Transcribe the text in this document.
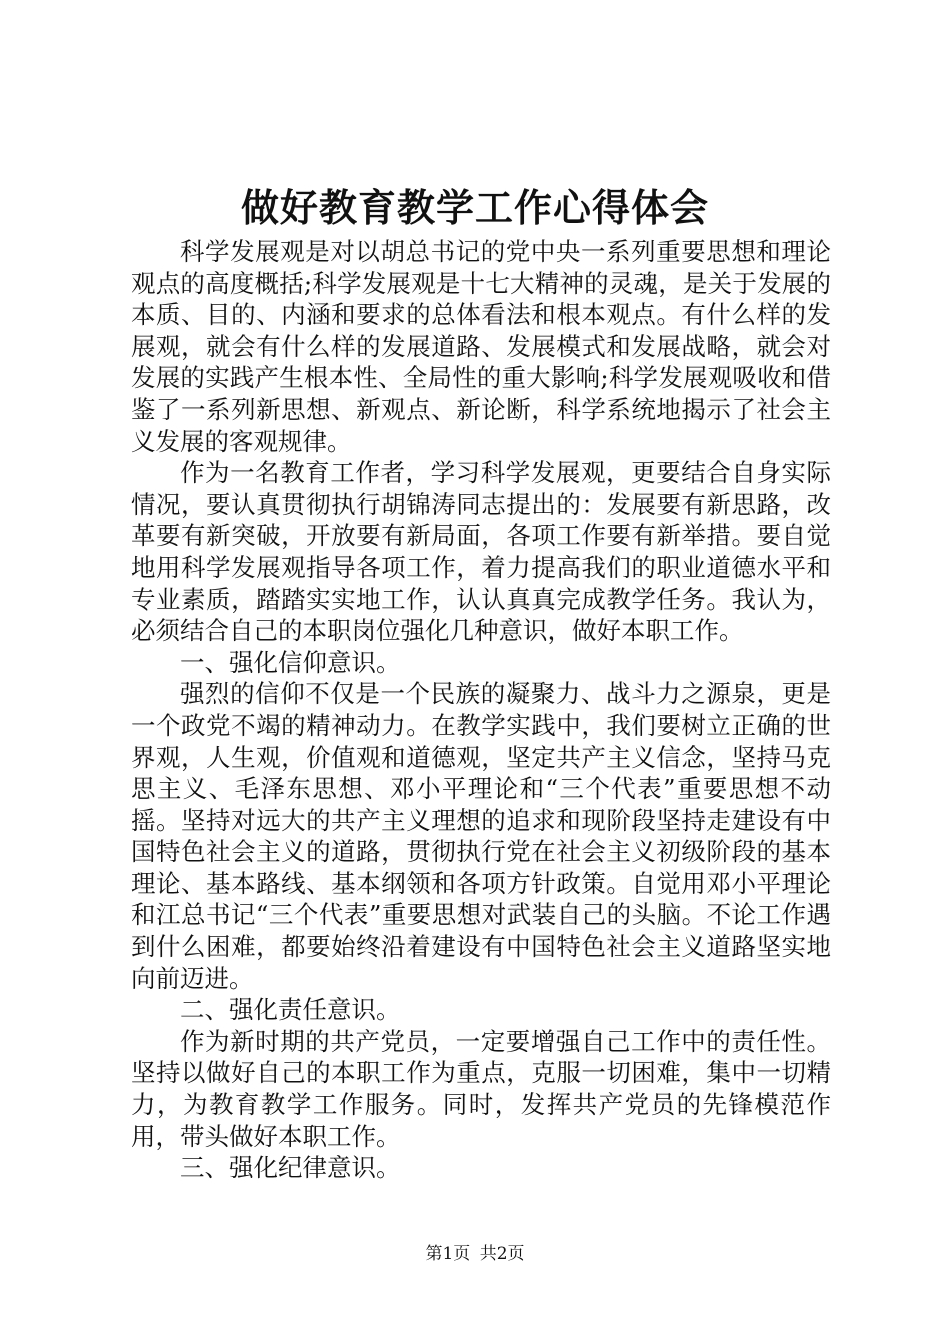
做好教育教学工作心得体会

科学发展观是对以胡总书记的党中央一系列重要思想和理论观点的高度概括;科学发展观是十七大精神的灵魂，是关于发展的本质、目的、内涵和要求的总体看法和根本观点。有什么样的发展观，就会有什么样的发展道路、发展模式和发展战略，就会对发展的实践产生根本性、全局性的重大影响;科学发展观吸收和借鉴了一系列新思想、新观点、新论断，科学系统地揭示了社会主义发展的客观规律。

作为一名教育工作者，学习科学发展观，更要结合自身实际情况，要认真贯彻执行胡锦涛同志提出的：发展要有新思路，改革要有新突破，开放要有新局面，各项工作要有新举措。要自觉地用科学发展观指导各项工作，着力提高我们的职业道德水平和专业素质，踏踏实实地工作，认认真真完成教学任务。我认为，必须结合自己的本职岗位强化几种意识，做好本职工作。

一、强化信仰意识。

强烈的信仰不仅是一个民族的凝聚力、战斗力之源泉，更是一个政党不竭的精神动力。在教学实践中，我们要树立正确的世界观，人生观，价值观和道德观，坚定共产主义信念，坚持马克思主义、毛泽东思想、邓小平理论和“三个代表”重要思想不动摇。坚持对远大的共产主义理想的追求和现阶段坚持走建设有中国特色社会主义的道路，贯彻执行党在社会主义初级阶段的基本理论、基本路线、基本纲领和各项方针政策。自觉用邓小平理论和江总书记“三个代表”重要思想对武装自己的头脑。不论工作遇到什么困难，都要始终沿着建设有中国特色社会主义道路坚实地向前迈进。

二、强化责任意识。

作为新时期的共产党员，一定要增强自己工作中的责任性。坚持以做好自己的本职工作为重点，克服一切困难，集中一切精力，为教育教学工作服务。同时，发挥共产党员的先锋模范作用，带头做好本职工作。

三、强化纪律意识。

第1页 共2页
